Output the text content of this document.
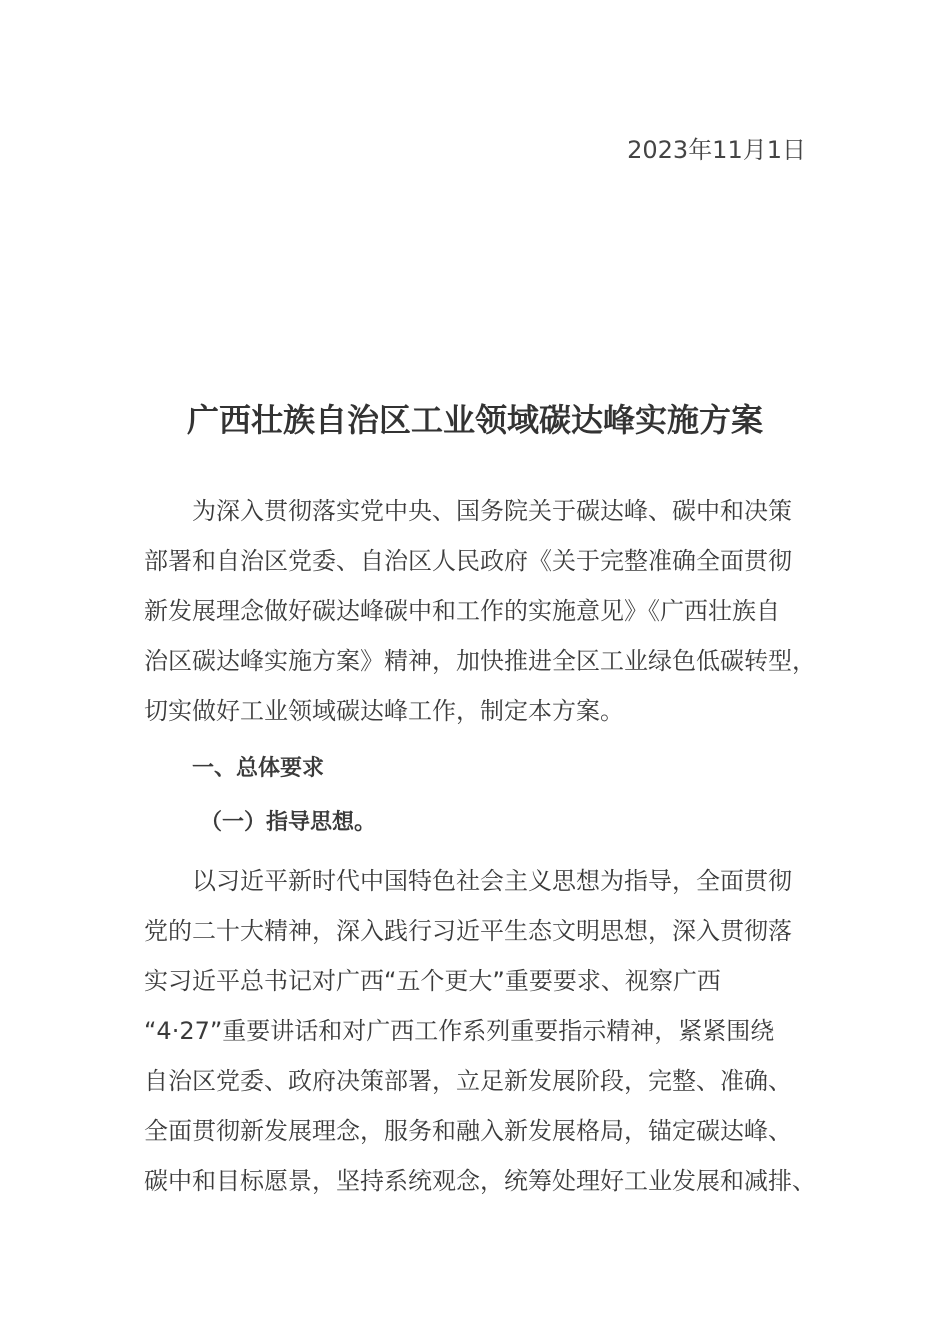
2023年11月1日
广西壮族自治区工业领域碳达峰实施方案
为深入贯彻落实党中央、国务院关于碳达峰、碳中和决策
部署和自治区党委、自治区人民政府《关于完整准确全面贯彻
新发展理念做好碳达峰碳中和工作的实施意见》《广西壮族自
治区碳达峰实施方案》精神，加快推进全区工业绿色低碳转型，
切实做好工业领域碳达峰工作，制定本方案。
一、总体要求
（一）指导思想。
以习近平新时代中国特色社会主义思想为指导，全面贯彻
党的二十大精神，深入践行习近平生态文明思想，深入贯彻落
实习近平总书记对广西“五个更大”重要要求、视察广西
“4·27”重要讲话和对广西工作系列重要指示精神，紧紧围绕
自治区党委、政府决策部署，立足新发展阶段，完整、准确、
全面贯彻新发展理念，服务和融入新发展格局，锚定碳达峰、
碳中和目标愿景，坚持系统观念，统筹处理好工业发展和减排、
